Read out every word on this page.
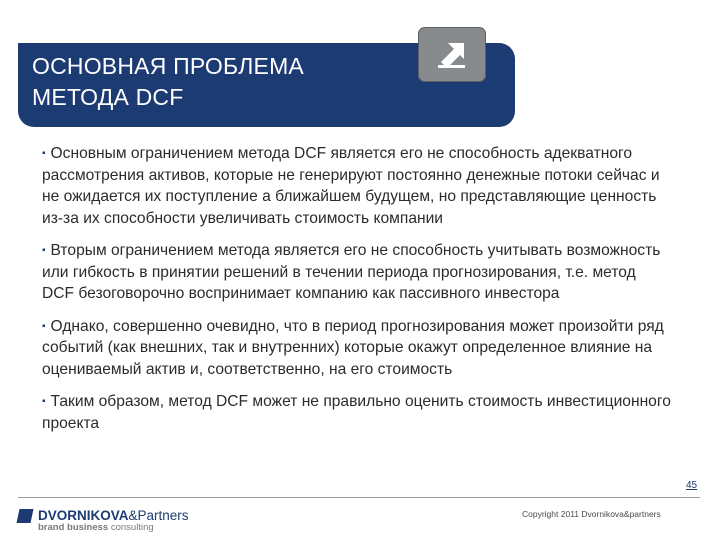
ОСНОВНАЯ ПРОБЛЕМА
МЕТОДА DCF

▪ Основным ограничением метода DCF является его не способность адекватного рассмотрения активов, которые не генерируют постоянно денежные потоки сейчас и не ожидается их поступление а ближайшем будущем, но представляющие ценность из-за их способности увеличивать стоимость компании

▪ Вторым ограничением метода является его не способность учитывать возможность или гибкость в принятии решений в течении периода прогнозирования, т.е. метод DCF безоговорочно воспринимает компанию как пассивного инвестора

▪ Однако, совершенно очевидно, что в период прогнозирования может произойти ряд событий (как внешних, так и внутренних) которые окажут определенное влияние на оцениваемый актив и, соответственно, на его стоимость

▪ Таким образом, метод DCF может не правильно оценить стоимость инвестиционного проекта

45
DVORNIKOVA&Partners
brand business consulting
Copyright 2011 Dvornikova&partners
